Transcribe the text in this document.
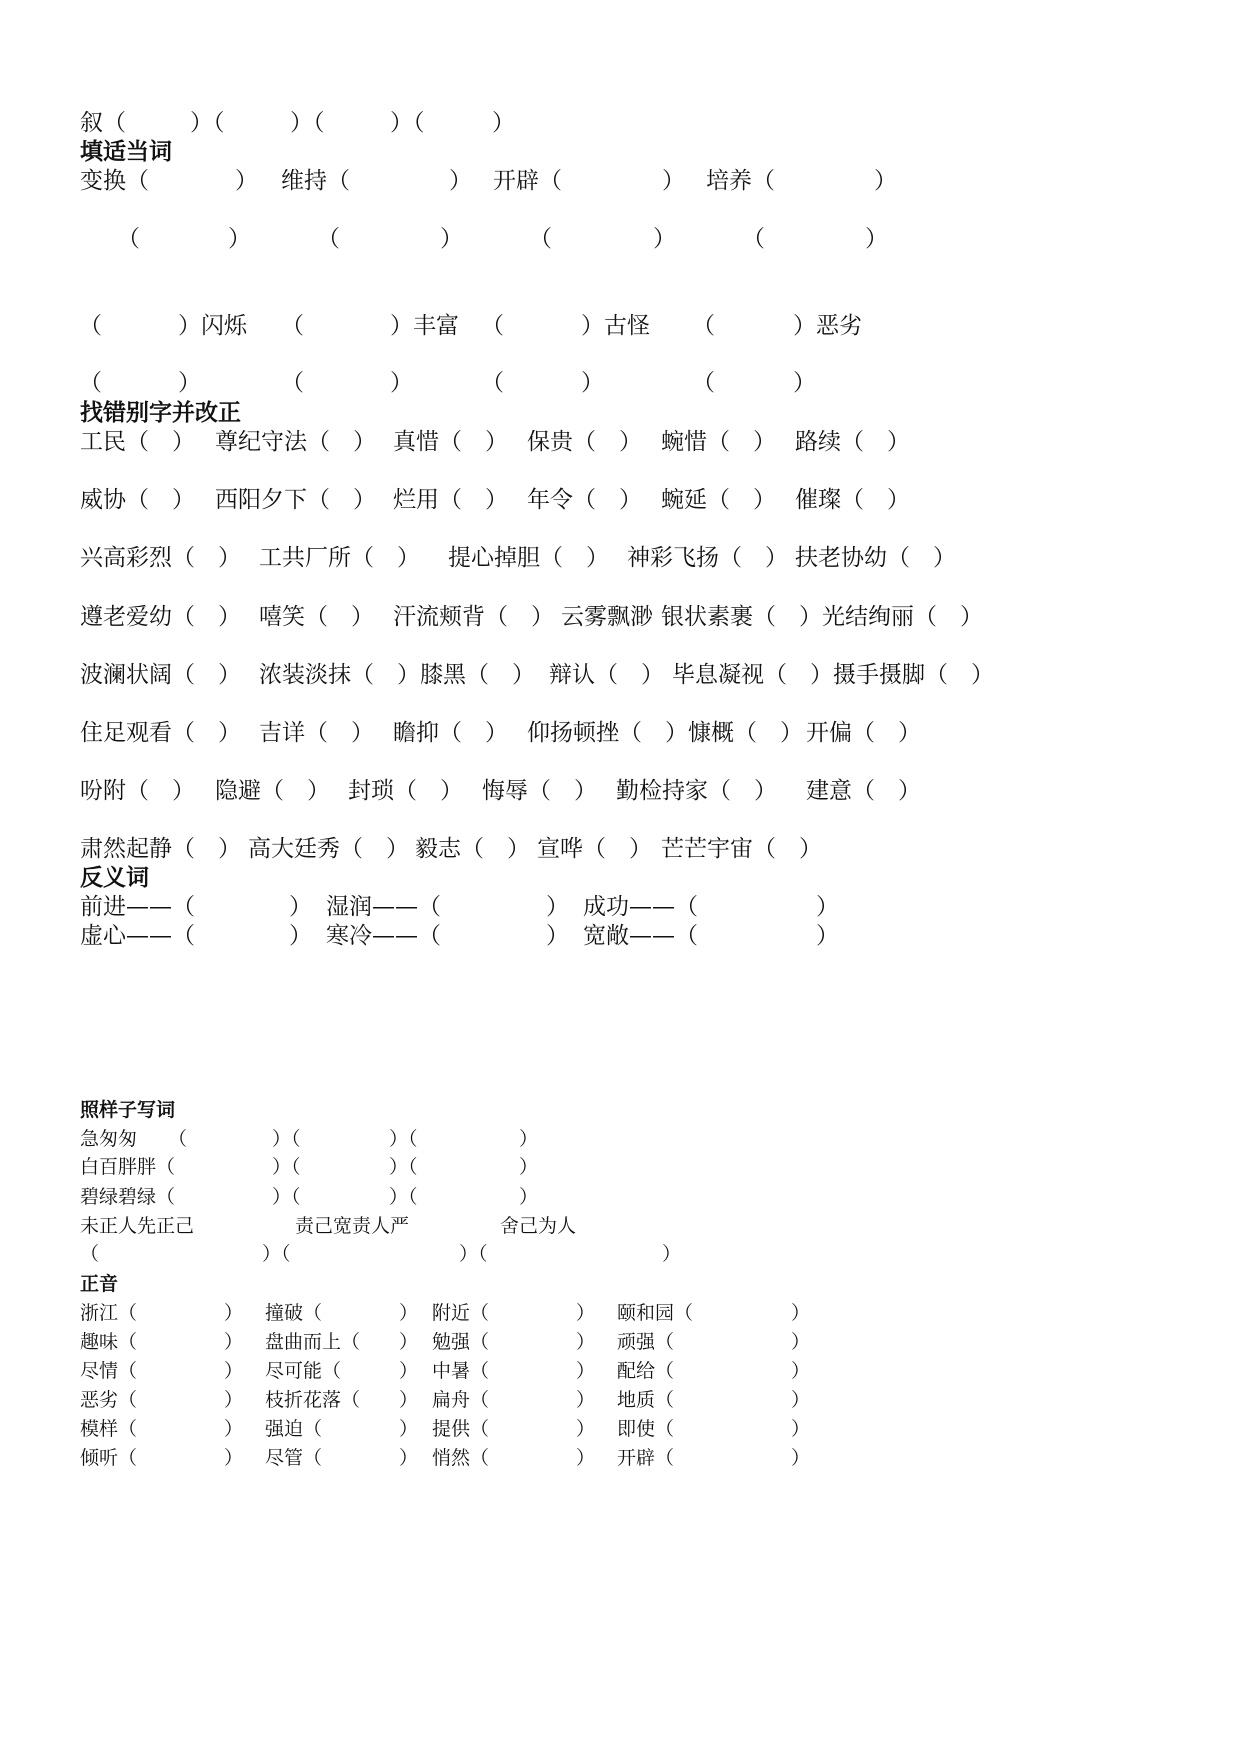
叙（	）（	）（	）（	）
填适当词
变换（	） 维持（	） 开辟（	） 培养（	）
（	）	（	）	（	）	（	）
（	）闪烁 （	）丰富 （	）古怪 （	）恶劣
（	）	（	）	（	）	（	）
找错别字并改正
工民（　） 尊纪守法（　） 真惜（　） 保贵（　） 蜿惜（　） 路续（　）
威协（　） 西阳夕下（　） 烂用（　） 年令（　） 蜿延（　） 催璨（　）
兴高彩烈（　） 工共厂所（　） 提心掉胆（　） 神彩飞扬（　） 扶老协幼（　）
遵老爱幼（　） 嘻笑（　） 汗流颊背（　） 云雾飘渺 银状素裹（　）光结绚丽（　）
波澜状阔（　） 浓装淡抹（　）膝黑（　） 辩认（　） 毕息凝视（　）摄手摄脚（　）
住足观看（　） 吉详（　） 瞻抑（　） 仰扬顿挫（　）慷概（　） 开偏（　）
吩附（　） 隐避（　） 封琐（　） 悔辱（　） 勤检持家（　） 建意（　）
肃然起静（　） 高大廷秀（　） 毅志（　） 宣哗（　） 芒芒宇宙（　）
反义词
前进——（	） 湿润——（	） 成功——（	）
虚心——（	） 寒冷——（	） 宽敞——（	）
照样子写词
急匆匆 （	）（	）（	）
白百胖胖（	）（	）（	）
碧绿碧绿（	）（	）（	）
未正人先正己	责己宽责人严	舍己为人
（	）（	）（	）
正音
浙江（	） 撞破（	） 附近（	） 颐和园（	）
趣味（	） 盘曲而上（ ） 勉强（	） 顽强（	）
尽情（	） 尽可能（	） 中暑（	） 配给（	）
恶劣（	） 枝折花落（ ） 扁舟（	） 地质（	）
模样（	） 强迫（	） 提供（	） 即使（	）
倾听（	） 尽管（	） 悄然（	） 开辟（	）
